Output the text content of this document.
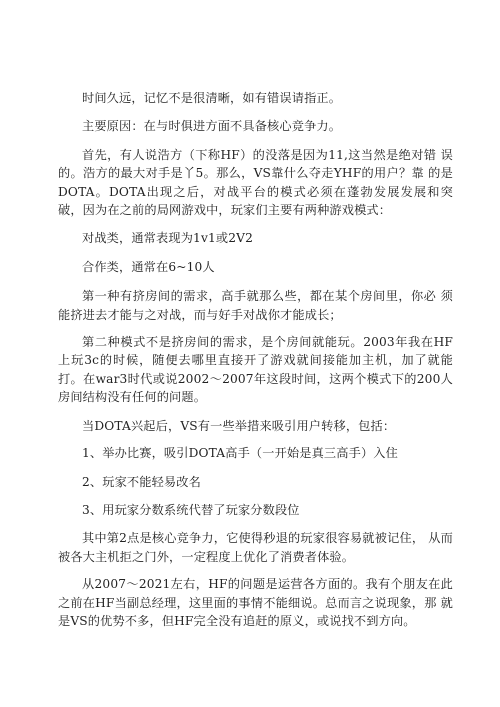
时间久远，记忆不是很清晰，如有错误请指正。

主要原因：在与时俱进方面不具备核心竞争力。

首先，有人说浩方（下称HF）的没落是因为11,这当然是绝对错 误的。浩方的最大对手是丫5。那么，VS靠什么夺走YHF的用户？靠 的是DOTA。DOTA出现之后，对战平台的模式必须在蓬勃发展发展和突 破，因为在之前的局网游戏中，玩家们主要有两种游戏模式：

对战类，通常表现为1v1或2V2

合作类，通常在6~10人

第一种有挤房间的需求，高手就那么些，都在某个房间里，你必 须能挤进去才能与之对战，而与好手对战你才能成长；

第二种模式不是挤房间的需求，是个房间就能玩。2003年我在HF 上玩3c的时候，随便去哪里直接开了游戏就间接能加主机，加了就能 打。在war3时代或说2002～2007年这段时间，这两个模式下的200人 房间结构没有任何的问题。

当DOTA兴起后，VS有一些举措来吸引用户转移，包括：

1、举办比赛，吸引DOTA高手（一开始是真三高手）入住

2、玩家不能轻易改名

3、用玩家分数系统代替了玩家分数段位

其中第2点是核心竞争力，它使得秒退的玩家很容易就被记住， 从而被各大主机拒之门外，一定程度上优化了消费者体验。

从2007～2021左右，HF的问题是运营各方面的。我有个朋友在此 之前在HF当副总经理，这里面的事情不能细说。总而言之说现象，那 就是VS的优势不多，但HF完全没有追赶的原义，或说找不到方向。
